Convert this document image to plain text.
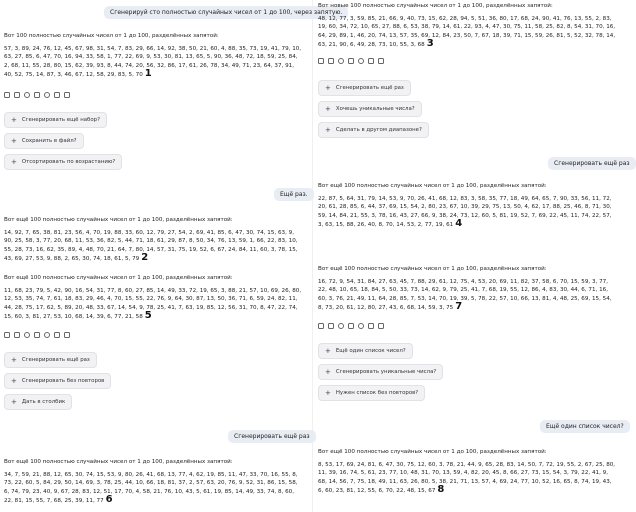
Сгенерируй сто полностью случайных чисел от 1 до 100, через запятую.

Вот 100 полностью случайных чисел от 1 до 100, разделённых запятой:

57, 3, 89, 24, 76, 12, 45, 67, 98, 31, 54, 7, 83, 29, 66, 14, 92, 38, 50, 21, 60, 4, 88, 35, 73, 19, 41, 79, 10, 63, 27, 85, 6, 47, 70, 16, 94, 33, 58, 1, 77, 22, 69, 9, 53, 30, 81, 13, 65, 5, 90, 36, 48, 72, 18, 59, 25, 84, 2, 68, 11, 55, 28, 80, 15, 62, 39, 93, 8, 44, 74, 20, 56, 32, 86, 17, 61, 26, 78, 34, 49, 71, 23, 64, 37, 91, 40, 52, 75, 14, 87, 3, 46, 67, 12, 58, 29, 83, 5, 70 1
+ Сгенерировать ещё набор?
+ Сохранить в файл?
+ Отсортировать по возрастанию?
Ещё раз.

Вот ещё 100 полностью случайных чисел от 1 до 100, разделённых запятой:

14, 92, 7, 65, 38, 81, 23, 56, 4, 70, 19, 88, 33, 60, 12, 79, 27, 54, 2, 69, 41, 85, 6, 47, 30, 74, 15, 63, 9, 90, 25, 58, 3, 77, 20, 68, 11, 53, 36, 82, 5, 44, 71, 18, 61, 29, 87, 8, 50, 34, 76, 13, 59, 1, 66, 22, 83, 10, 55, 28, 73, 16, 62, 35, 89, 4, 48, 70, 21, 64, 7, 80, 14, 57, 31, 75, 19, 52, 6, 67, 24, 84, 11, 60, 3, 78, 15, 43, 69, 27, 53, 9, 88, 2, 65, 30, 74, 18, 61, 5, 79 2

Вот ещё 100 полностью случайных чисел от 1 до 100, разделённых запятой:

11, 68, 23, 79, 5, 42, 90, 16, 54, 31, 77, 8, 60, 27, 85, 14, 49, 33, 72, 19, 65, 3, 88, 21, 57, 10, 69, 26, 80, 12, 53, 35, 74, 7, 61, 18, 83, 29, 46, 4, 70, 15, 55, 22, 76, 9, 64, 30, 87, 13, 50, 36, 71, 6, 59, 24, 82, 11, 44, 28, 75, 17, 62, 5, 89, 20, 48, 33, 67, 14, 54, 9, 78, 25, 41, 7, 63, 19, 85, 12, 56, 31, 70, 8, 47, 22, 74, 15, 60, 3, 81, 27, 53, 10, 68, 14, 39, 6, 77, 21, 58 5
+ Сгенерировать ещё раз
+ Сгенерировать без повторов
+ Дать в столбик
Сгенерировать ещё раз

Вот ещё 100 полностью случайных чисел от 1 до 100, разделённых запятой:

34, 7, 59, 21, 88, 12, 65, 30, 74, 15, 53, 9, 80, 26, 41, 68, 13, 77, 4, 62, 19, 85, 11, 47, 33, 70, 16, 55, 8, 73, 22, 60, 5, 84, 29, 50, 14, 69, 3, 78, 25, 44, 10, 66, 18, 81, 37, 2, 57, 63, 20, 76, 9, 52, 31, 86, 15, 58, 6, 74, 79, 23, 40, 9, 67, 28, 83, 12, 51, 17, 70, 4, 58, 21, 76, 10, 43, 5, 61, 19, 85, 14, 49, 33, 74, 8, 60, 22, 81, 15, 55, 7, 68, 25, 39, 11, 77 6

Вот новые 100 полностью случайных чисел от 1 до 100, разделённых запятой:

48, 12, 77, 3, 59, 85, 21, 66, 9, 40, 73, 15, 62, 28, 94, 5, 51, 36, 80, 17, 68, 24, 90, 41, 76, 13, 55, 2, 83, 19, 60, 34, 72, 10, 65, 27, 88, 6, 53, 38, 79, 14, 61, 22, 93, 4, 47, 30, 75, 11, 58, 25, 82, 8, 54, 31, 70, 16, 64, 29, 89, 1, 46, 20, 74, 13, 57, 35, 69, 12, 84, 23, 50, 7, 67, 18, 39, 71, 15, 59, 26, 81, 5, 52, 32, 78, 14, 63, 21, 90, 6, 49, 28, 73, 10, 55, 3, 68 3
+ Сгенерировать ещё раз
+ Хочешь уникальные числа?
+ Сделать в другом диапазоне?
Сгенерировать ещё раз

Вот ещё 100 полностью случайных чисел от 1 до 100, разделённых запятой:

22, 87, 5, 64, 31, 79, 14, 53, 9, 70, 26, 41, 68, 12, 83, 3, 58, 35, 77, 18, 49, 64, 65, 7, 90, 33, 56, 11, 72, 20, 61, 28, 85, 6, 44, 37, 69, 15, 54, 2, 80, 23, 67, 10, 39, 29, 75, 13, 50, 4, 62, 17, 88, 25, 46, 8, 71, 30, 59, 14, 84, 21, 55, 3, 78, 16, 43, 27, 66, 9, 38, 24, 73, 12, 60, 5, 81, 19, 52, 7, 69, 22, 45, 11, 74, 22, 57, 3, 63, 15, 88, 26, 40, 8, 70, 14, 53, 2, 77, 19, 61 4

Вот ещё 100 полностью случайных чисел от 1 до 100, разделённых запятой:

16, 72, 9, 54, 31, 84, 27, 63, 45, 7, 88, 29, 61, 12, 75, 4, 53, 20, 69, 11, 82, 37, 58, 6, 70, 15, 59, 3, 77, 22, 48, 10, 65, 18, 84, 5, 50, 33, 73, 14, 62, 9, 79, 25, 41, 7, 68, 19, 55, 12, 86, 4, 83, 30, 44, 6, 71, 16, 60, 3, 76, 21, 49, 11, 64, 28, 85, 7, 53, 14, 70, 19, 39, 5, 78, 22, 57, 10, 66, 13, 81, 4, 48, 25, 69, 15, 54, 8, 73, 20, 61, 12, 80, 27, 43, 6, 68, 14, 59, 3, 75 7
+ Ещё один список чисел?
+ Сгенерировать уникальные числа?
+ Нужен список без повторов?
Ещё один список чисел?

Вот ещё 100 полностью случайных чисел от 1 до 100, разделённых запятой:

8, 53, 17, 69, 24, 81, 6, 47, 30, 75, 12, 60, 3, 78, 21, 44, 9, 65, 28, 83, 14, 50, 7, 72, 19, 55, 2, 67, 25, 80, 11, 39, 16, 74, 5, 61, 23, 77, 10, 48, 31, 70, 13, 59, 4, 82, 20, 45, 8, 66, 27, 73, 15, 54, 3, 79, 22, 41, 9, 68, 14, 56, 7, 75, 18, 49, 11, 63, 26, 80, 5, 38, 21, 71, 13, 57, 4, 69, 24, 77, 10, 52, 16, 65, 8, 74, 19, 43, 6, 60, 23, 81, 12, 55, 6, 70, 22, 48, 15, 67 8
